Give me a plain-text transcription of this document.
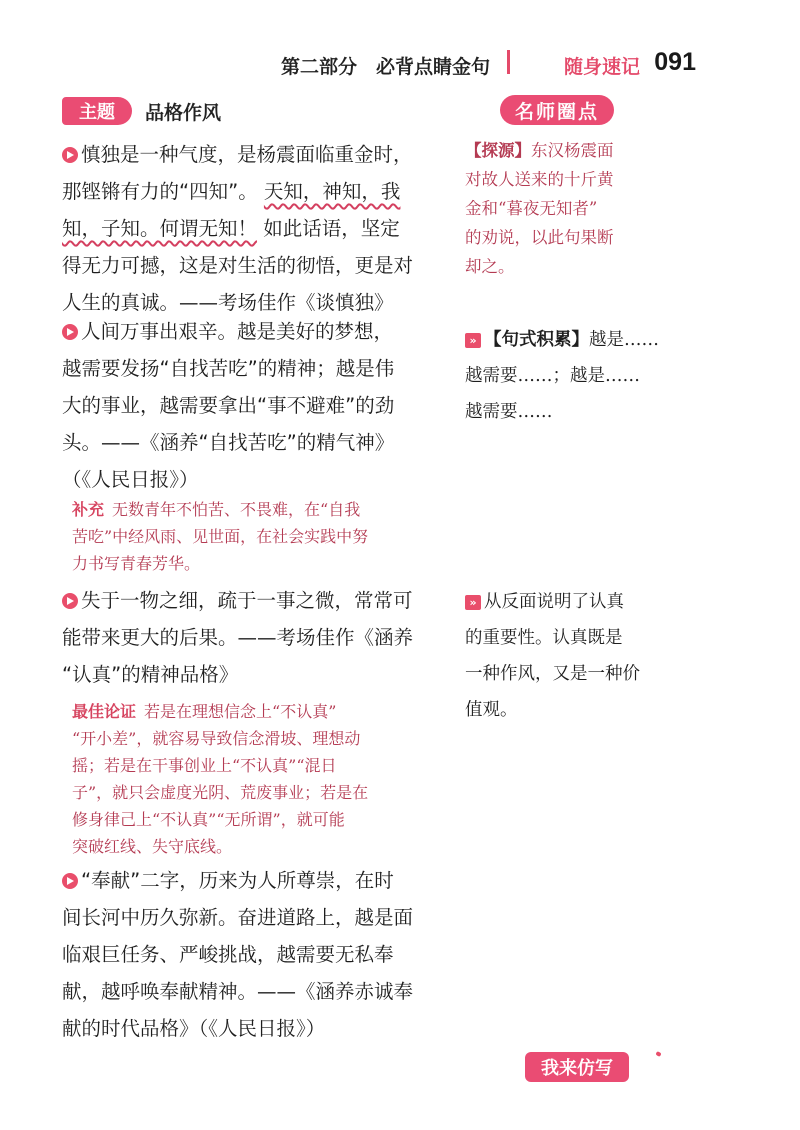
第二部分　必背点睛金句	随身速记 091
主题	品格作风
慎独是一种气度，是杨震面临重金时，
那铿锵有力的“四知”。 天知，神知，我
知，子知。何谓无知！ 如此话语，坚定
得无力可撼，这是对生活的彻悟，更是对
人生的真诚。——考场佳作《谈慎独》
人间万事出艰辛。越是美好的梦想，
越需要发扬“自找苦吃”的精神；越是伟
大的事业，越需要拿出“事不避难”的劲
头。——《涵养“自找苦吃”的精气神》
（《人民日报》）
补充 无数青年不怕苦、不畏难，在“自我
苦吃”中经风雨、见世面，在社会实践中努
力书写青春芳华。
失于一物之细，疏于一事之微，常常可
能带来更大的后果。——考场佳作《涵养
“认真”的精神品格》
最佳论证 若是在理想信念上“不认真”
“开小差”，就容易导致信念滑坡、理想动
摇；若是在干事创业上“不认真”“混日
子”，就只会虚度光阴、荒废事业；若是在
修身律己上“不认真”“无所谓”，就可能
突破红线、失守底线。
“奉献”二字，历来为人所尊崇，在时
间长河中历久弥新。奋进道路上，越是面
临艰巨任务、严峻挑战，越需要无私奉
献，越呼唤奉献精神。——《涵养赤诚奉
献的时代品格》（《人民日报》）
名师圈点
【探源】东汉杨震面
对故人送来的十斤黄
金和“暮夜无知者”
的劝说，以此句果断
却之。
» 【句式积累】越是……
越需要……；越是……
越需要……
» 从反面说明了认真
的重要性。认真既是
一种作风，又是一种价
值观。
我来仿写
